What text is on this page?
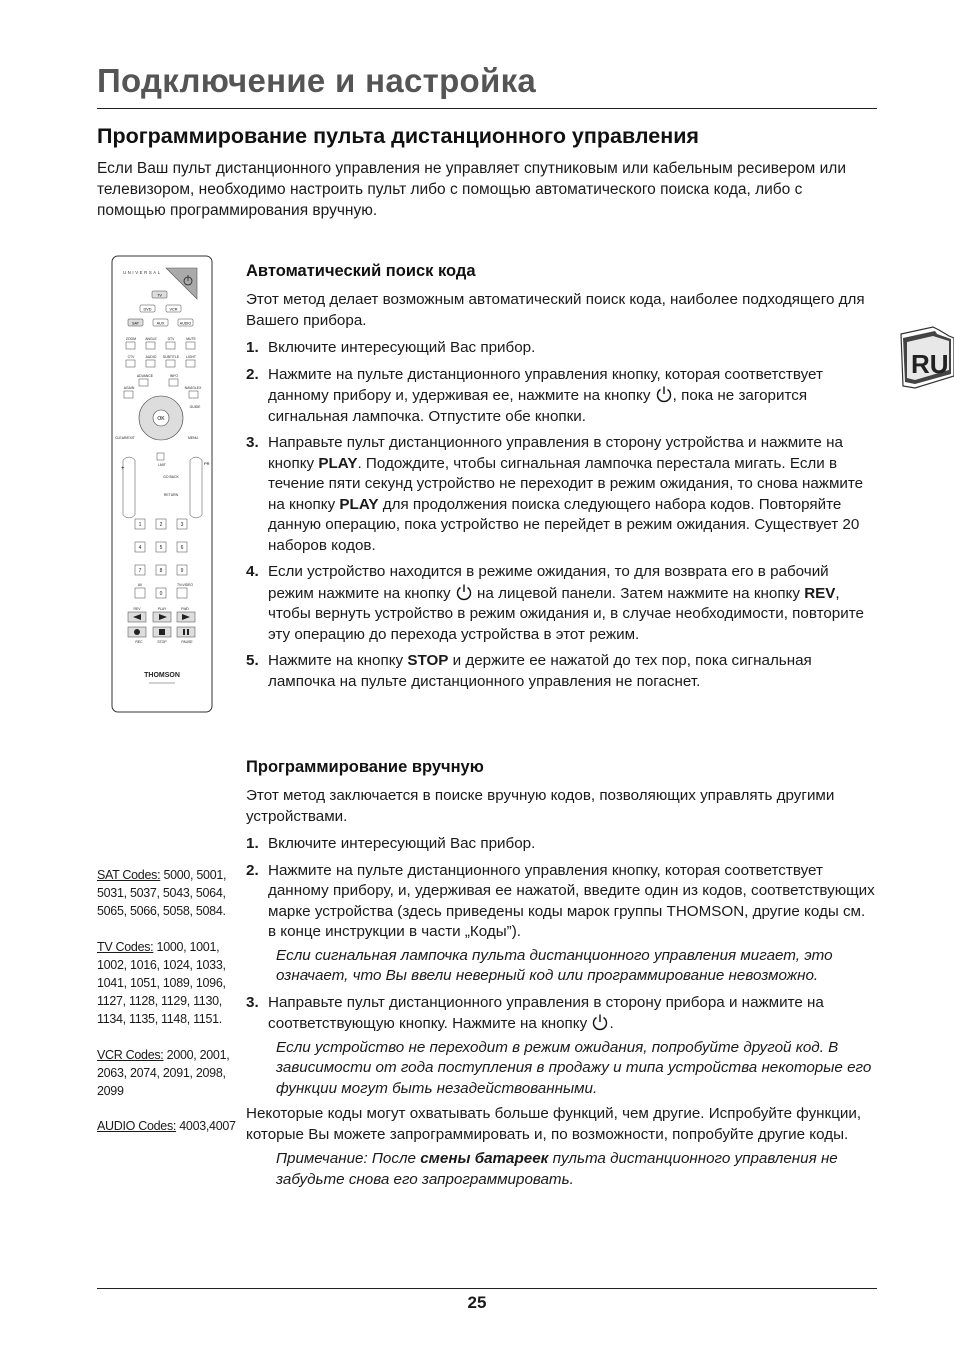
Подключение и настройка
Программирование пульта дистанционного управления
Если Ваш пульт дистанционного управления не управляет спутниковым или кабельным ресивером или телевизором, необходимо настроить пульт либо с помощью автоматического поиска кода, либо с помощью программирования вручную.
RU
Автоматический поиск кода
Этот метод делает возможным автоматический поиск кода, наиболее подходящего для Вашего прибора.
1. Включите интересующий Вас прибор.
2. Нажмите на пульте дистанционного управления кнопку, которая соответствует данному прибору и, удерживая ее, нажмите на кнопку , пока не загорится сигнальная лампочка. Отпустите обе кнопки.
3. Направьте пульт дистанционного управления в сторону устройства и нажмите на кнопку PLAY. Подождите, чтобы сигнальная лампочка перестала мигать. Если в течение пяти секунд устройство не переходит в режим ожидания, то снова нажмите на кнопку PLAY для продолжения поиска следующего набора кодов. Повторяйте данную операцию, пока устройство не перейдет в режим ожидания. Существует 20 наборов кодов.
4. Если устройство находится в режиме ожидания, то для возврата его в рабочий режим нажмите на кнопку на лицевой панели. Затем нажмите на кнопку REV, чтобы вернуть устройство в режим ожидания и, в случае необходимости, повторите эту операцию до перехода устройства в этот режим.
5. Нажмите на кнопку STOP и держите ее нажатой до тех пор, пока сигнальная лампочка на пульте дистанционного управления не погаснет.
Программирование вручную
Этот метод заключается в поиске вручную кодов, позволяющих управлять другими устройствами.
1. Включите интересующий Вас прибор.
2. Нажмите на пульте дистанционного управления кнопку, которая соответствует данному прибору, и, удерживая ее нажатой, введите один из кодов, соответствующих марке устройства (здесь приведены коды марок группы THOMSON, другие коды см. в конце инструкции в части „Коды”).
Если сигнальная лампочка пульта дистанционного управления мигает, это означает, что Вы ввели неверный код или программирование невозможно.
3. Направьте пульт дистанционного управления в сторону прибора и нажмите на соответствующую кнопку. Нажмите на кнопку .
Если устройство не переходит в режим ожидания, попробуйте другой код. В зависимости от года поступления в продажу и типа устройства некоторые его функции могут быть незадействованными.
Некоторые коды могут охватывать больше функций, чем другие. Испробуйте функции, которые Вы можете запрограммировать и, по возможности, попробуйте другие коды.
Примечание: После смены батареек пульта дистанционного управления не забудьте снова его запрограммировать.
SAT Codes: 5000, 5001, 5031, 5037, 5043, 5064, 5065, 5066, 5058, 5084.
TV Codes: 1000, 1001, 1002, 1016, 1024, 1033, 1041, 1051, 1089, 1096, 1127, 1128, 1129, 1130, 1134, 1135, 1148, 1151.
VCR Codes: 2000, 2001, 2063, 2074, 2091, 2098, 2099
AUDIO Codes: 4003,4007
UNIVERSAL
TV
DVD	VCR
SAT	AUX	AUDIO
ZOOM	ANGLE	DTV	MUTE
CTV	AUDIO SUBTITLE LIGHT
ADVANCE	INFO
AGAIN	NAVIGLEX
GUIDE
CLEAR/EXIT	MENU
LMIT
GO BACK
RETURN
OK
+
PR
1	2	3
4	5	6
7	8	9
0
AV	TV•VIDEO
REV	PLAY	FWD
REC	STOP	PAUSE
THOMSON
25
